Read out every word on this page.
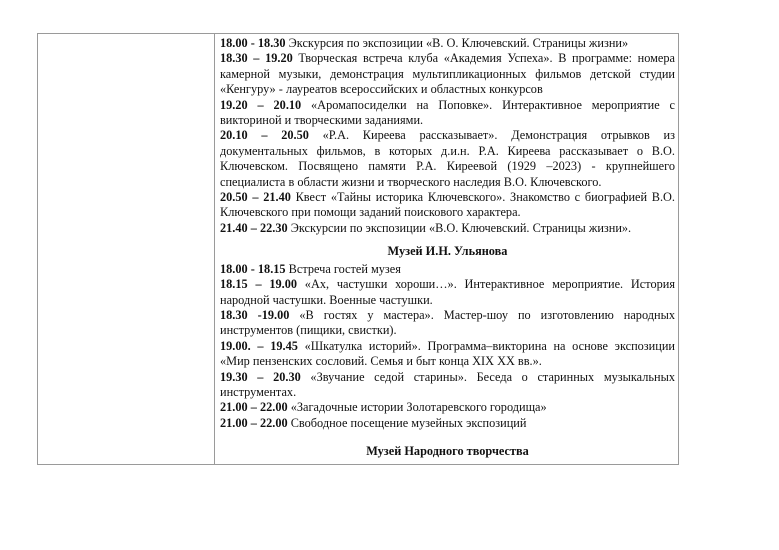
18.00 - 18.30 Экскурсия по экспозиции «В. О. Ключевский. Страницы жизни»

18.30 – 19.20 Творческая встреча клуба «Академия Успеха». В программе: номера камерной музыки, демонстрация мультипликационных фильмов детской студии «Кенгуру» - лауреатов всероссийских и областных конкурсов

19.20 – 20.10 «Аромапосиделки на Поповке». Интерактивное мероприятие с викториной и творческими заданиями.

20.10 – 20.50 «Р.А. Киреева рассказывает». Демонстрация отрывков из документальных фильмов, в которых д.и.н. Р.А. Киреева рассказывает о В.О. Ключевском. Посвящено памяти Р.А. Киреевой (1929 –2023) - крупнейшего специалиста в области жизни и творческого наследия В.О. Ключевского.

20.50 – 21.40 Квест «Тайны историка Ключевского». Знакомство с биографией В.О. Ключевского при помощи заданий поискового характера.

21.40 – 22.30 Экскурсии по экспозиции «В.О. Ключевский. Страницы жизни».

Музей И.Н. Ульянова

18.00 - 18.15 Встреча гостей музея

18.15 – 19.00 «Ах, частушки хороши…». Интерактивное мероприятие. История народной частушки. Военные частушки.

18.30 -19.00 «В гостях у мастера». Мастер-шоу по изготовлению народных инструментов (пищики, свистки).

19.00. – 19.45 «Шкатулка историй». Программа–викторина на основе экспозиции «Мир пензенских сословий. Семья и быт конца XIX XX вв.».

19.30 – 20.30 «Звучание седой старины». Беседа о старинных музыкальных инструментах.

21.00 – 22.00 «Загадочные истории Золотаревского городища»

21.00 – 22.00 Свободное посещение музейных экспозиций

Музей Народного творчества
